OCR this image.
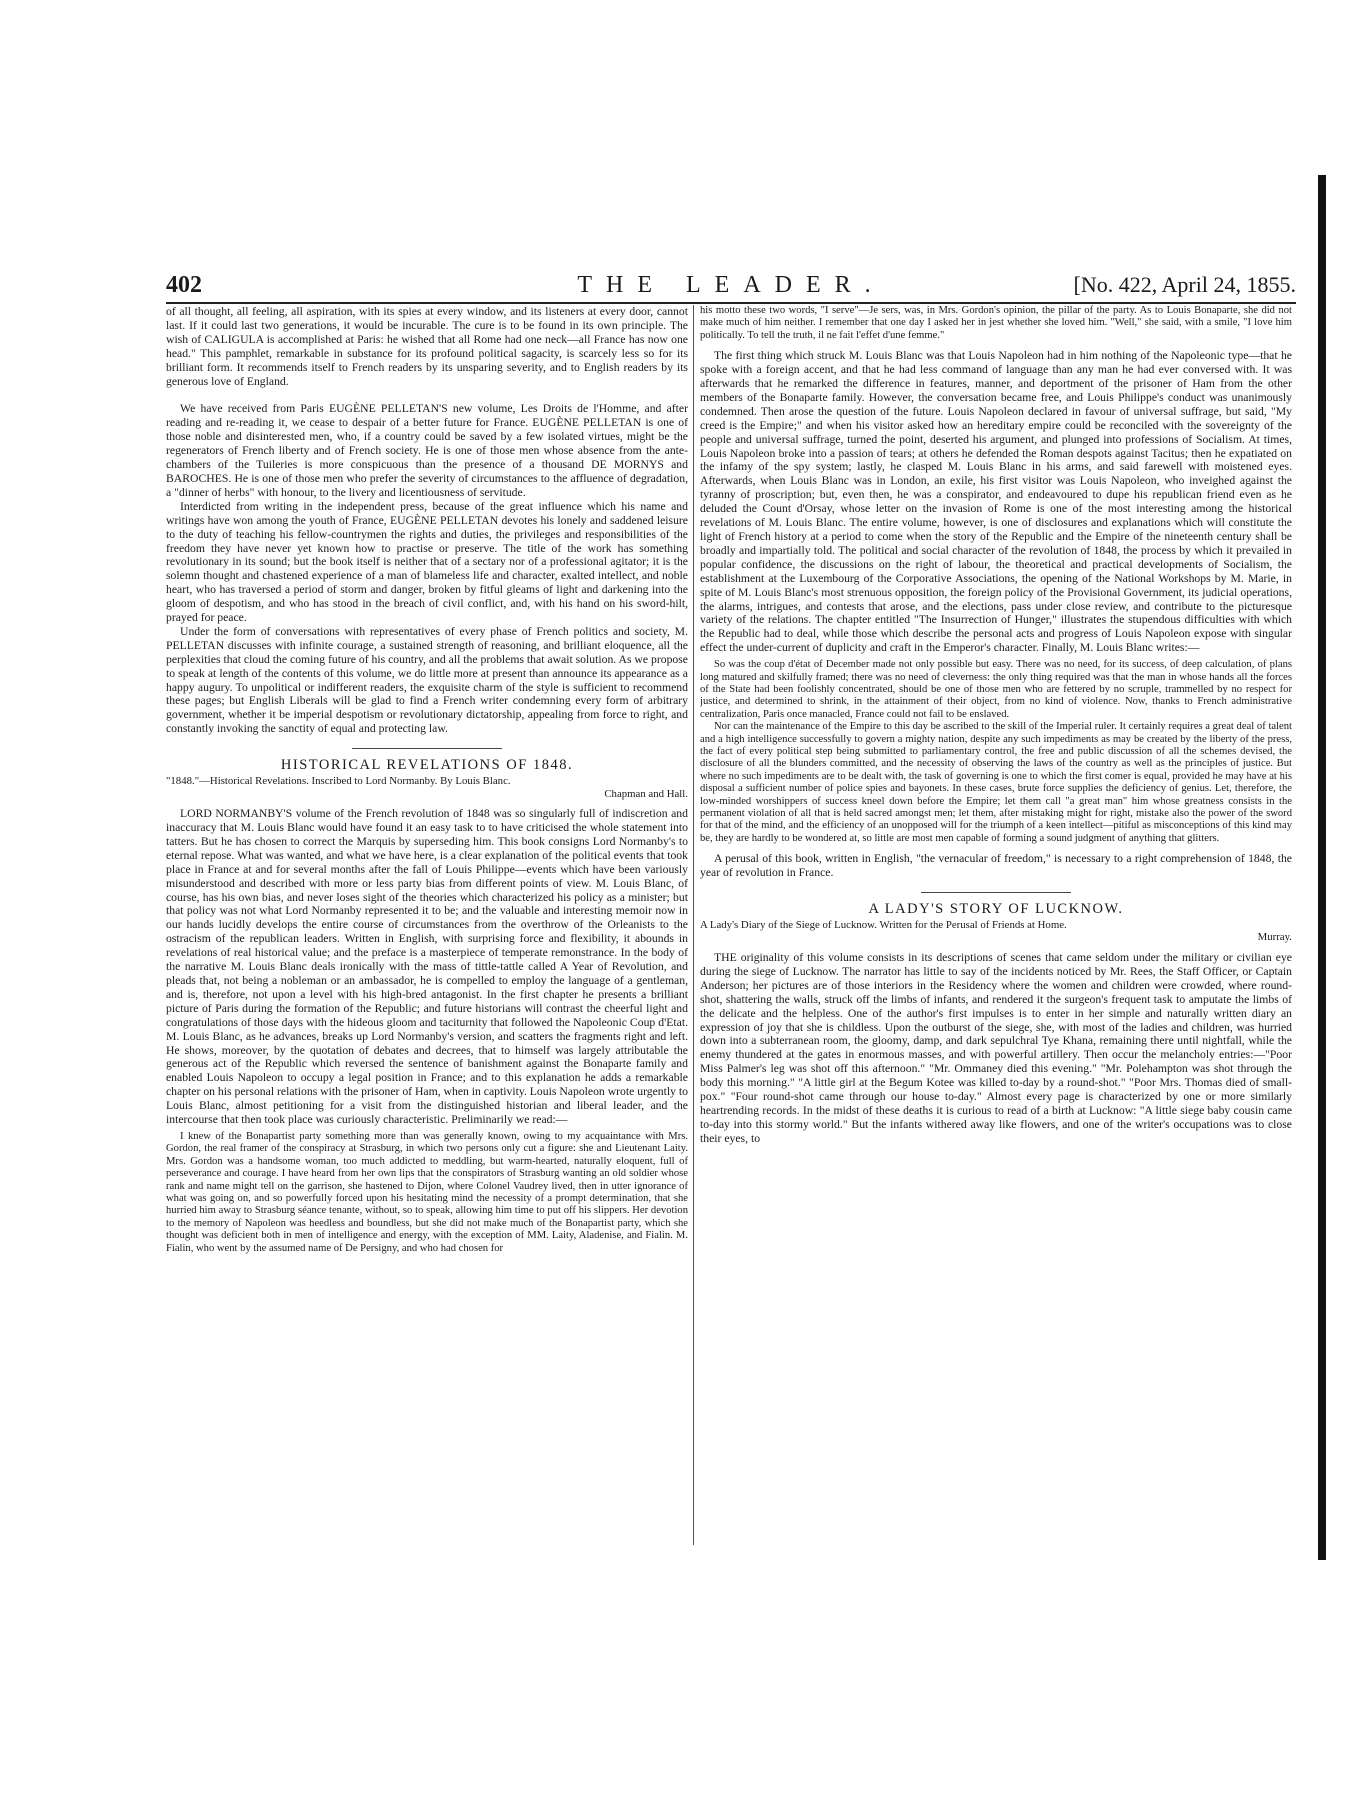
402	THE LEADER.	[No. 422, April 24, 1855.

of all thought, all feeling, all aspiration, with its spies at every window, and its listeners at every door, cannot last. If it could last two generations, it would be incurable. The cure is to be found in its own principle. The wish of CALIGULA is accomplished at Paris: he wished that all Rome had one neck—all France has now one head." This pamphlet, remarkable in substance for its profound political sagacity, is scarcely less so for its brilliant form. It recommends itself to French readers by its unsparing severity, and to English readers by its generous love of England.

We have received from Paris EUGÈNE PELLETAN'S new volume, Les Droits de l'Homme, and after reading and re-reading it, we cease to despair of a better future for France. EUGÈNE PELLETAN is one of those noble and disinterested men, who, if a country could be saved by a few isolated virtues, might be the regenerators of French liberty and of French society. He is one of those men whose absence from the ante-chambers of the Tuileries is more conspicuous than the presence of a thousand DE MORNYS and BAROCHES. He is one of those men who prefer the severity of circumstances to the affluence of degradation, a "dinner of herbs" with honour, to the livery and licentiousness of servitude.

Interdicted from writing in the independent press, because of the great influence which his name and writings have won among the youth of France, EUGÈNE PELLETAN devotes his lonely and saddened leisure to the duty of teaching his fellow-countrymen the rights and duties, the privileges and responsibilities of the freedom they have never yet known how to practise or preserve. The title of the work has something revolutionary in its sound; but the book itself is neither that of a sectary nor of a professional agitator; it is the solemn thought and chastened experience of a man of blameless life and character, exalted intellect, and noble heart, who has traversed a period of storm and danger, broken by fitful gleams of light and darkening into the gloom of despotism, and who has stood in the breach of civil conflict, and, with his hand on his sword-hilt, prayed for peace.

Under the form of conversations with representatives of every phase of French politics and society, M. PELLETAN discusses with infinite courage, a sustained strength of reasoning, and brilliant eloquence, all the perplexities that cloud the coming future of his country, and all the problems that await solution. As we propose to speak at length of the contents of this volume, we do little more at present than announce its appearance as a happy augury. To unpolitical or indifferent readers, the exquisite charm of the style is sufficient to recommend these pages; but English Liberals will be glad to find a French writer condemning every form of arbitrary government, whether it be imperial despotism or revolutionary dictatorship, appealing from force to right, and constantly invoking the sanctity of equal and protecting law.

HISTORICAL REVELATIONS OF 1848.

"1848."—Historical Revelations. Inscribed to Lord Normanby. By Louis Blanc.
Chapman and Hall.

LORD NORMANBY'S volume of the French revolution of 1848 was so singularly full of indiscretion and inaccuracy that M. Louis Blanc would have found it an easy task to to have criticised the whole statement into tatters. But he has chosen to correct the Marquis by superseding him. This book consigns Lord Normanby's to eternal repose. What was wanted, and what we have here, is a clear explanation of the political events that took place in France at and for several months after the fall of Louis Philippe—events which have been variously misunderstood and described with more or less party bias from different points of view. M. Louis Blanc, of course, has his own bias, and never loses sight of the theories which characterized his policy as a minister; but that policy was not what Lord Normanby represented it to be; and the valuable and interesting memoir now in our hands lucidly develops the entire course of circumstances from the overthrow of the Orleanists to the ostracism of the republican leaders. Written in English, with surprising force and flexibility, it abounds in revelations of real historical value; and the preface is a masterpiece of temperate remonstrance. In the body of the narrative M. Louis Blanc deals ironically with the mass of tittle-tattle called A Year of Revolution, and pleads that, not being a nobleman or an ambassador, he is compelled to employ the language of a gentleman, and is, therefore, not upon a level with his high-bred antagonist. In the first chapter he presents a brilliant picture of Paris during the formation of the Republic; and future historians will contrast the cheerful light and congratulations of those days with the hideous gloom and taciturnity that followed the Napoleonic Coup d'Etat. M. Louis Blanc, as he advances, breaks up Lord Normanby's version, and scatters the fragments right and left. He shows, moreover, by the quotation of debates and decrees, that to himself was largely attributable the generous act of the Republic which reversed the sentence of banishment against the Bonaparte family and enabled Louis Napoleon to occupy a legal position in France; and to this explanation he adds a remarkable chapter on his personal relations with the prisoner of Ham, when in captivity. Louis Napoleon wrote urgently to Louis Blanc, almost petitioning for a visit from the distinguished historian and liberal leader, and the intercourse that then took place was curiously characteristic. Preliminarily we read:—

I knew of the Bonapartist party something more than was generally known, owing to my acquaintance with Mrs. Gordon, the real framer of the conspiracy at Strasburg, in which two persons only cut a figure: she and Lieutenant Laity. Mrs. Gordon was a handsome woman, too much addicted to meddling, but warm-hearted, naturally eloquent, full of perseverance and courage. I have heard from her own lips that the conspirators of Strasburg wanting an old soldier whose rank and name might tell on the garrison, she hastened to Dijon, where Colonel Vaudrey lived, then in utter ignorance of what was going on, and so powerfully forced upon his hesitating mind the necessity of a prompt determination, that she hurried him away to Strasburg séance tenante, without, so to speak, allowing him time to put off his slippers. Her devotion to the memory of Napoleon was heedless and boundless, but she did not make much of the Bonapartist party, which she thought was deficient both in men of intelligence and energy, with the exception of MM. Laity, Aladenise, and Fialin. M. Fialin, who went by the assumed name of De Persigny, and who had chosen for

his motto these two words, "I serve"—Je sers, was, in Mrs. Gordon's opinion, the pillar of the party. As to Louis Bonaparte, she did not make much of him neither. I remember that one day I asked her in jest whether she loved him. "Well," she said, with a smile, "I love him politically. To tell the truth, il ne fait l'effet d'une femme."

The first thing which struck M. Louis Blanc was that Louis Napoleon had in him nothing of the Napoleonic type—that he spoke with a foreign accent, and that he had less command of language than any man he had ever conversed with. It was afterwards that he remarked the difference in features, manner, and deportment of the prisoner of Ham from the other members of the Bonaparte family. However, the conversation became free, and Louis Philippe's conduct was unanimously condemned. Then arose the question of the future. Louis Napoleon declared in favour of universal suffrage, but said, "My creed is the Empire;" and when his visitor asked how an hereditary empire could be reconciled with the sovereignty of the people and universal suffrage, turned the point, deserted his argument, and plunged into professions of Socialism. At times, Louis Napoleon broke into a passion of tears; at others he defended the Roman despots against Tacitus; then he expatiated on the infamy of the spy system; lastly, he clasped M. Louis Blanc in his arms, and said farewell with moistened eyes. Afterwards, when Louis Blanc was in London, an exile, his first visitor was Louis Napoleon, who inveighed against the tyranny of proscription; but, even then, he was a conspirator, and endeavoured to dupe his republican friend even as he deluded the Count d'Orsay, whose letter on the invasion of Rome is one of the most interesting among the historical revelations of M. Louis Blanc. The entire volume, however, is one of disclosures and explanations which will constitute the light of French history at a period to come when the story of the Republic and the Empire of the nineteenth century shall be broadly and impartially told. The political and social character of the revolution of 1848, the process by which it prevailed in popular confidence, the discussions on the right of labour, the theoretical and practical developments of Socialism, the establishment at the Luxembourg of the Corporative Associations, the opening of the National Workshops by M. Marie, in spite of M. Louis Blanc's most strenuous opposition, the foreign policy of the Provisional Government, its judicial operations, the alarms, intrigues, and contests that arose, and the elections, pass under close review, and contribute to the picturesque variety of the relations. The chapter entitled "The Insurrection of Hunger," illustrates the stupendous difficulties with which the Republic had to deal, while those which describe the personal acts and progress of Louis Napoleon expose with singular effect the under-current of duplicity and craft in the Emperor's character. Finally, M. Louis Blanc writes:—

So was the coup d'état of December made not only possible but easy. There was no need, for its success, of deep calculation, of plans long matured and skilfully framed; there was no need of cleverness: the only thing required was that the man in whose hands all the forces of the State had been foolishly concentrated, should be one of those men who are fettered by no scruple, trammelled by no respect for justice, and determined to shrink, in the attainment of their object, from no kind of violence. Now, thanks to French administrative centralization, Paris once manacled, France could not fail to be enslaved.

Nor can the maintenance of the Empire to this day be ascribed to the skill of the Imperial ruler. It certainly requires a great deal of talent and a high intelligence successfully to govern a mighty nation, despite any such impediments as may be created by the liberty of the press, the fact of every political step being submitted to parliamentary control, the free and public discussion of all the schemes devised, the disclosure of all the blunders committed, and the necessity of observing the laws of the country as well as the principles of justice. But where no such impediments are to be dealt with, the task of governing is one to which the first comer is equal, provided he may have at his disposal a sufficient number of police spies and bayonets. In these cases, brute force supplies the deficiency of genius. Let, therefore, the low-minded worshippers of success kneel down before the Empire; let them call "a great man" him whose greatness consists in the permanent violation of all that is held sacred amongst men; let them, after mistaking might for right, mistake also the power of the sword for that of the mind, and the efficiency of an unopposed will for the triumph of a keen intellect—pitiful as misconceptions of this kind may be, they are hardly to be wondered at, so little are most men capable of forming a sound judgment of anything that glitters.

A perusal of this book, written in English, "the vernacular of freedom," is necessary to a right comprehension of 1848, the year of revolution in France.

A LADY'S STORY OF LUCKNOW.

A Lady's Diary of the Siege of Lucknow. Written for the Perusal of Friends at Home.
Murray.

THE originality of this volume consists in its descriptions of scenes that came seldom under the military or civilian eye during the siege of Lucknow. The narrator has little to say of the incidents noticed by Mr. Rees, the Staff Officer, or Captain Anderson; her pictures are of those interiors in the Residency where the women and children were crowded, where round-shot, shattering the walls, struck off the limbs of infants, and rendered it the surgeon's frequent task to amputate the limbs of the delicate and the helpless. One of the author's first impulses is to enter in her simple and naturally written diary an expression of joy that she is childless. Upon the outburst of the siege, she, with most of the ladies and children, was hurried down into a subterranean room, the gloomy, damp, and dark sepulchral Tye Khana, remaining there until nightfall, while the enemy thundered at the gates in enormous masses, and with powerful artillery. Then occur the melancholy entries:—"Poor Miss Palmer's leg was shot off this afternoon." "Mr. Ommaney died this evening." "Mr. Polehampton was shot through the body this morning." "A little girl at the Begum Kotee was killed to-day by a round-shot." "Poor Mrs. Thomas died of small-pox." "Four round-shot came through our house to-day." Almost every page is characterized by one or more similarly heartrending records. In the midst of these deaths it is curious to read of a birth at Lucknow: "A little siege baby cousin came to-day into this stormy world." But the infants withered away like flowers, and one of the writer's occupations was to close their eyes, to
